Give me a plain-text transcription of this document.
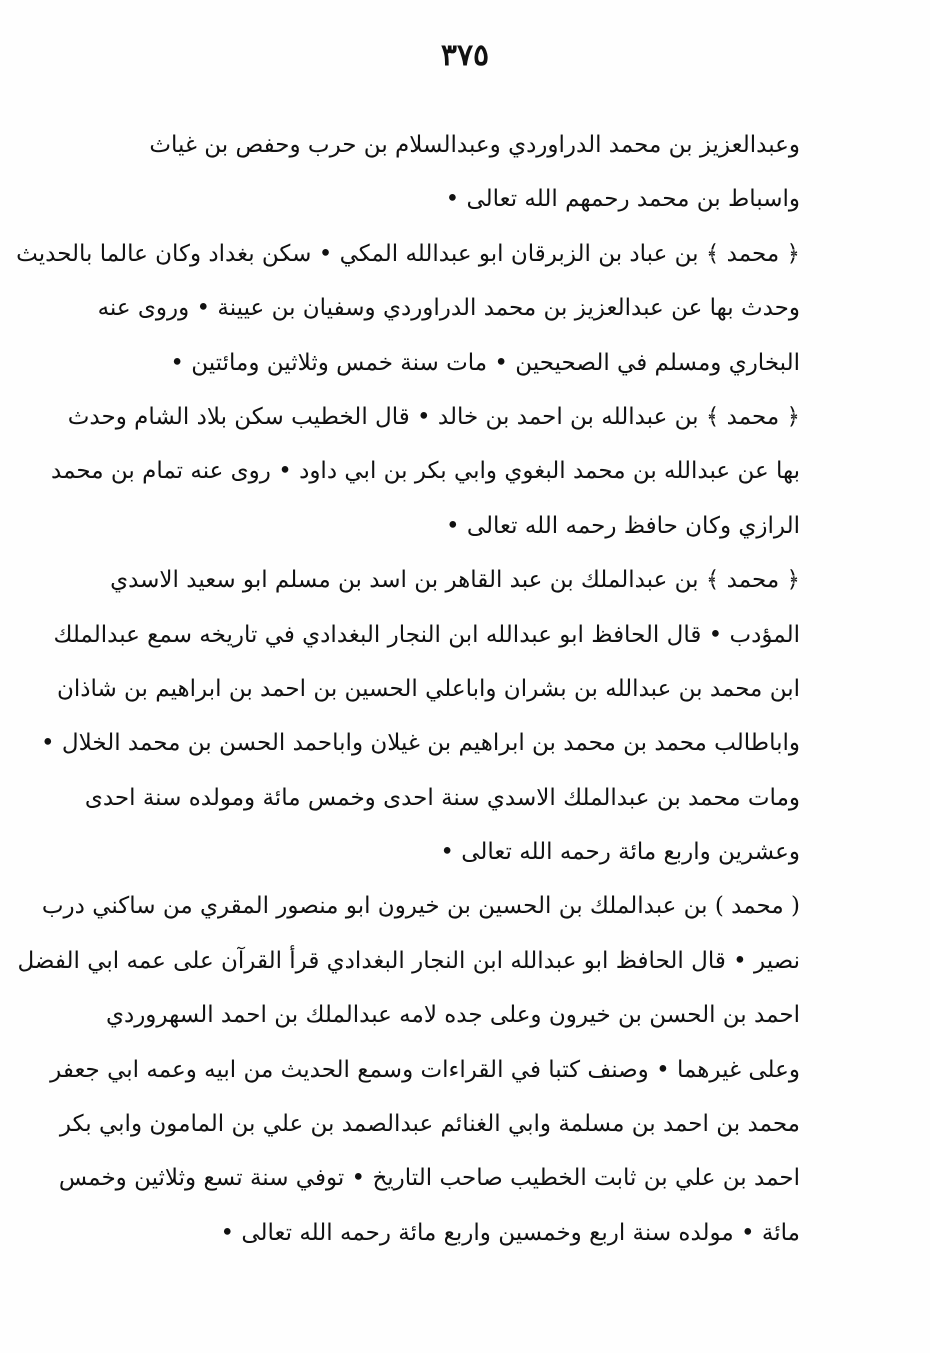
٣٧٥
وعبدالعزيز بن محمد الدراوردي وعبدالسلام بن حرب وحفص بن غياث
واسباط بن محمد رحمهم الله تعالى •
﴿ محمد ﴾ بن عباد بن الزبرقان ابو عبدالله المكي • سكن بغداد وكان عالما بالحديث
وحدث بها عن عبدالعزيز بن محمد الدراوردي وسفيان بن عيينة • وروى عنه
البخاري ومسلم في الصحيحين • مات سنة خمس وثلاثين ومائتين •
﴿ محمد ﴾ بن عبدالله بن احمد بن خالد • قال الخطيب سكن بلاد الشام وحدث
بها عن عبدالله بن محمد البغوي وابي بكر بن ابي داود • روى عنه تمام بن محمد
الرازي وكان حافظ رحمه الله تعالى •
﴿ محمد ﴾ بن عبدالملك بن عبد القاهر بن اسد بن مسلم ابو سعيد الاسدي
المؤدب • قال الحافظ ابو عبدالله ابن النجار البغدادي في تاريخه سمع عبدالملك
ابن محمد بن عبدالله بن بشران واباعلي الحسين بن احمد بن ابراهيم بن شاذان
واباطالب محمد بن محمد بن ابراهيم بن غيلان واباحمد الحسن بن محمد الخلال •
ومات محمد بن عبدالملك الاسدي سنة احدى وخمس مائة ومولده سنة احدى
وعشرين واربع مائة رحمه الله تعالى •
( محمد ) بن عبدالملك بن الحسين بن خيرون ابو منصور المقري من ساكني درب
نصير • قال الحافظ ابو عبدالله ابن النجار البغدادي قرأ القرآن على عمه ابي الفضل
احمد بن الحسن بن خيرون وعلى جده لامه عبدالملك بن احمد السهروردي
وعلى غيرهما • وصنف كتبا في القراءات وسمع الحديث من ابيه وعمه ابي جعفر
محمد بن احمد بن مسلمة وابي الغنائم عبدالصمد بن علي بن المامون وابي بكر
احمد بن علي بن ثابت الخطيب صاحب التاريخ • توفي سنة تسع وثلاثين وخمس
مائة • مولده سنة اربع وخمسين واربع مائة رحمه الله تعالى •
